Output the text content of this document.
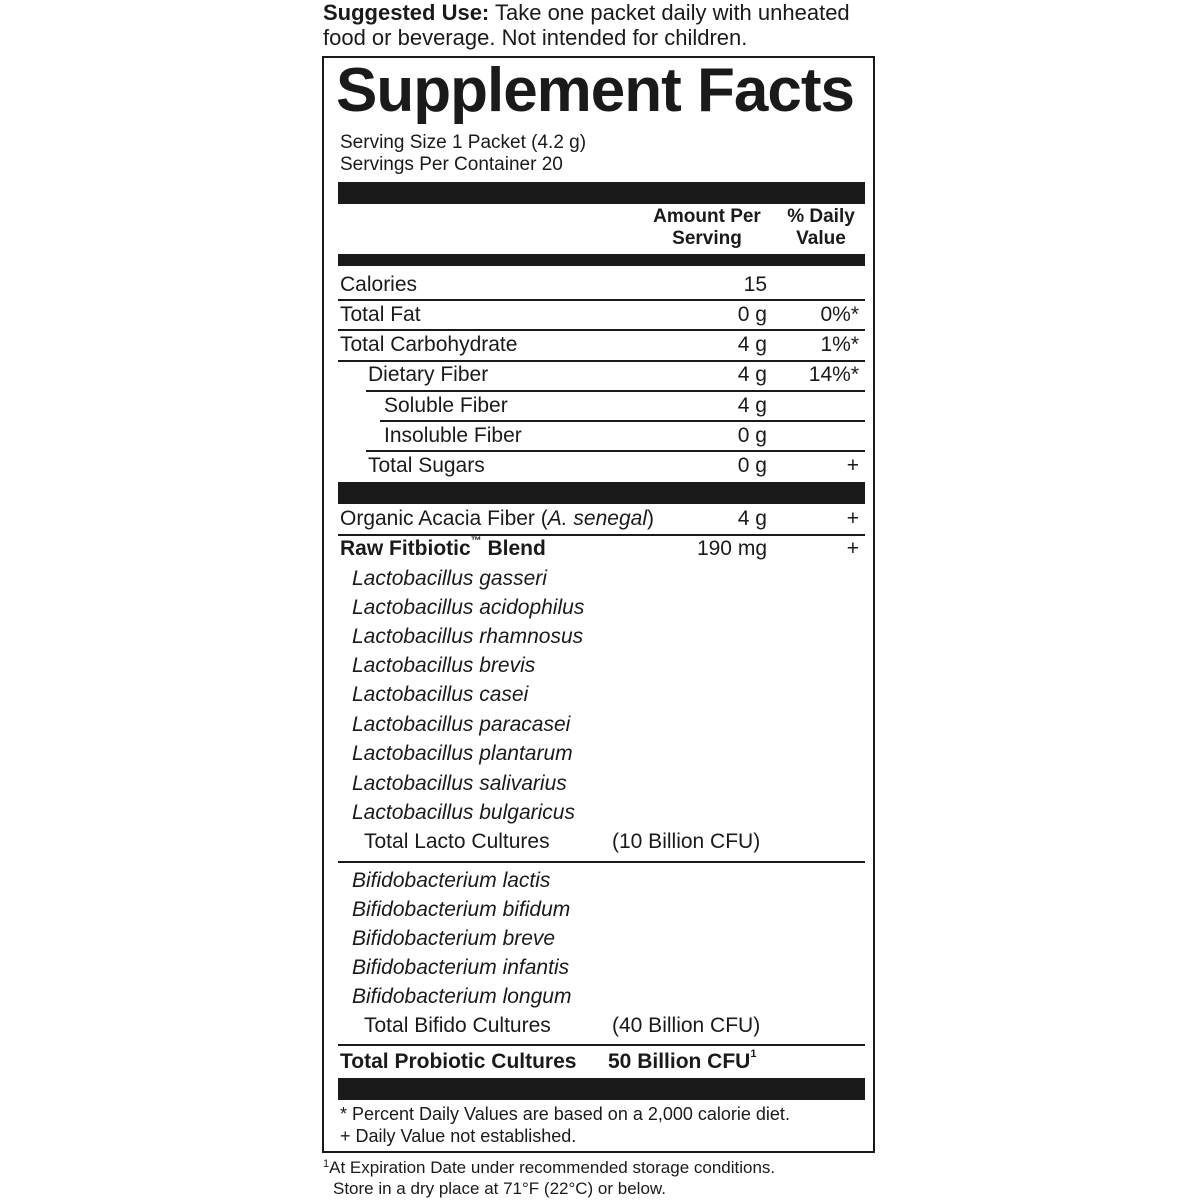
Suggested Use: Take one packet daily with unheated
food or beverage. Not intended for children.
Supplement Facts
Serving Size 1 Packet (4.2 g)
Servings Per Container 20
Amount Per Serving
% Daily Value
Calories	15
Total Fat	0 g	0%*
Total Carbohydrate	4 g	1%*
Dietary Fiber	4 g 14%*
Soluble Fiber	4 g
Insoluble Fiber	0 g
Total Sugars	0 g	+
Organic Acacia Fiber (A. senegal)	4 g	+
Raw Fitbiotic™ Blend	190 mg	+
Lactobacillus gasseri
Lactobacillus acidophilus
Lactobacillus rhamnosus
Lactobacillus brevis
Lactobacillus casei
Lactobacillus paracasei
Lactobacillus plantarum
Lactobacillus salivarius
Lactobacillus bulgaricus
Total Lacto Cultures	(10 Billion CFU)
Bifidobacterium lactis
Bifidobacterium bifidum
Bifidobacterium breve
Bifidobacterium infantis
Bifidobacterium longum
Total Bifido Cultures	(40 Billion CFU)
Total Probiotic Cultures 50 Billion CFU$^1$
* Percent Daily Values are based on a 2,000 calorie diet.
+ Daily Value not established.
$^1$At Expiration Date under recommended storage conditions.
Store in a dry place at 71°F (22°C) or below.
